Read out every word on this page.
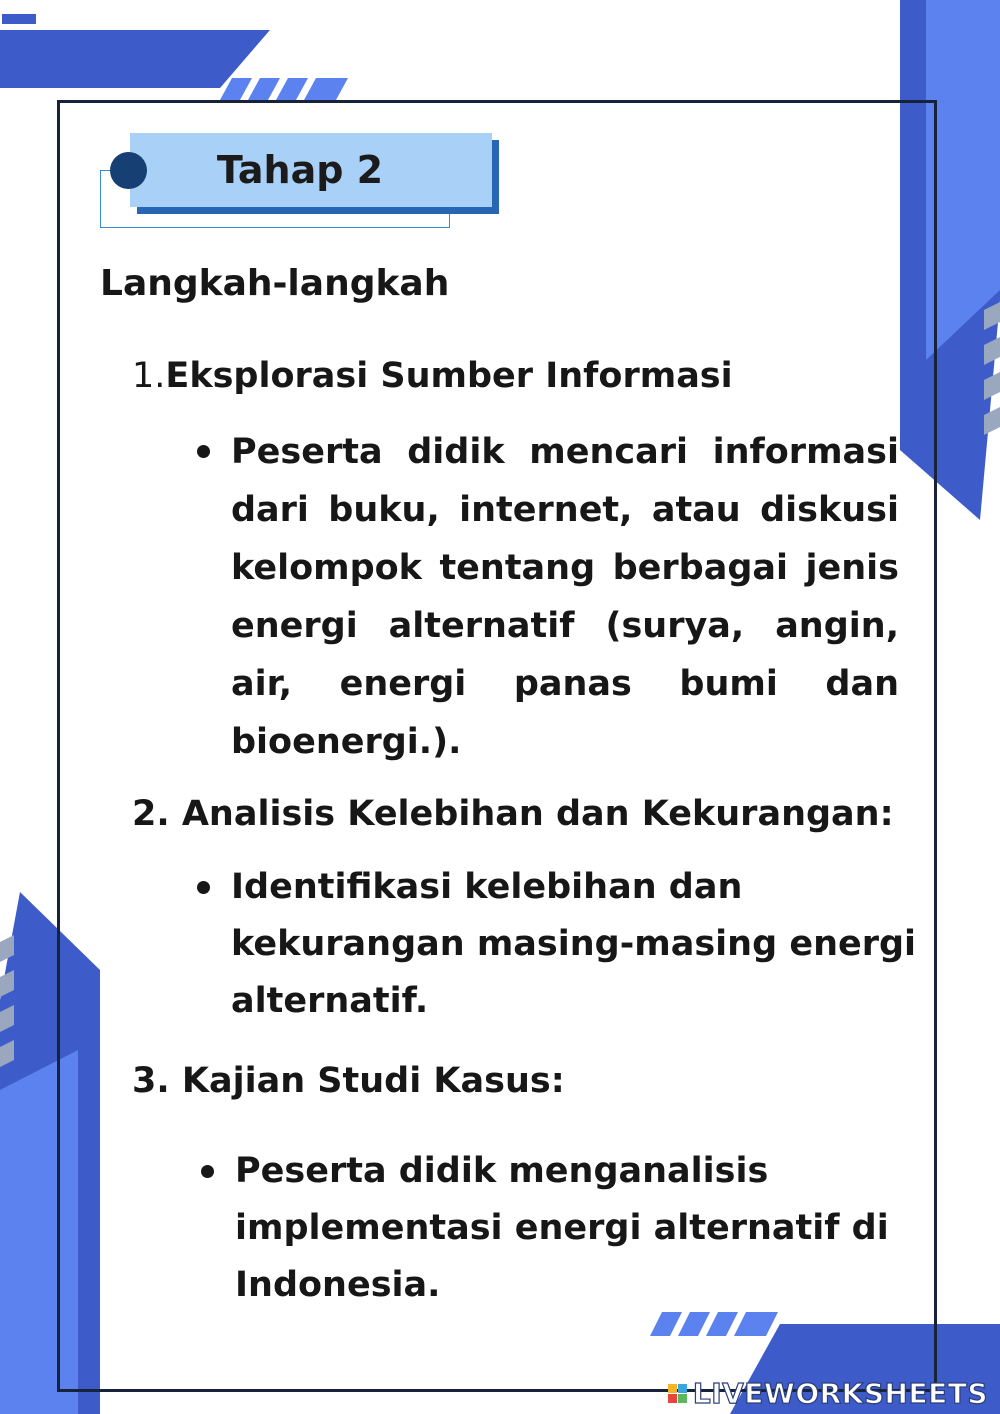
Tahap 2
Langkah-langkah
1.Eksplorasi Sumber Informasi
Peserta didik mencari informasi dari buku, internet, atau diskusi kelompok tentang berbagai jenis energi alternatif (surya, angin, air, energi panas bumi dan bioenergi.).
2. Analisis Kelebihan dan Kekurangan:
Identifikasi kelebihan dan
kekurangan masing-masing energi
alternatif.
3. Kajian Studi Kasus:
Peserta didik menganalisis
implementasi energi alternatif di
Indonesia.
LIVEWORKSHEETS
